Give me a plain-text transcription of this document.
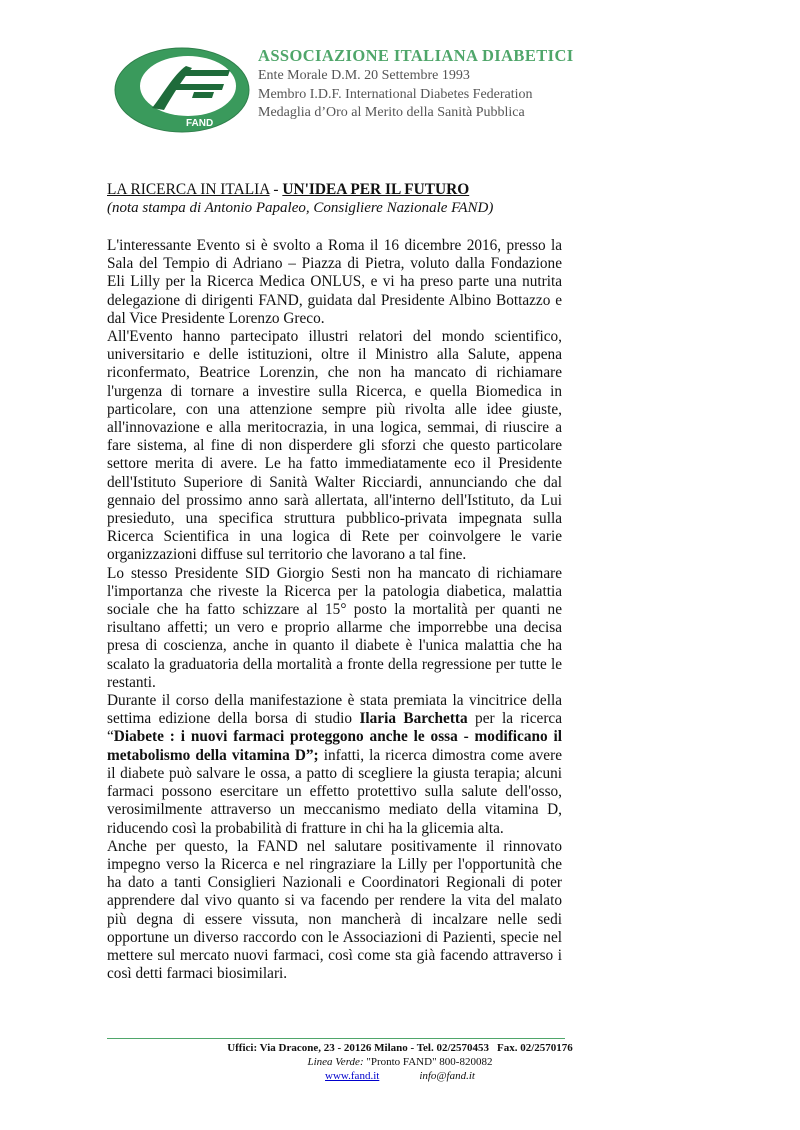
FAND

ASSOCIAZIONE ITALIANA DIABETICI

Ente Morale D.M. 20 Settembre 1993

Membro I.D.F. International Diabetes Federation

Medaglia d’Oro al Merito della Sanità Pubblica

LA RICERCA IN ITALIA - UN'IDEA PER IL FUTURO

(nota stampa di Antonio Papaleo, Consigliere Nazionale FAND)

L'interessante Evento si è svolto a Roma il 16 dicembre 2016, presso la Sala del Tempio di Adriano – Piazza di Pietra, voluto dalla Fondazione Eli Lilly per la Ricerca Medica ONLUS, e vi ha preso parte una nutrita delegazione di dirigenti FAND, guidata dal Presidente Albino Bottazzo e dal Vice Presidente Lorenzo Greco.

All'Evento hanno partecipato illustri relatori del mondo scientifico, universitario e delle istituzioni, oltre il Ministro alla Salute, appena riconfermato, Beatrice Lorenzin, che non ha mancato di richiamare l'urgenza di tornare a investire sulla Ricerca, e quella Biomedica in particolare, con una attenzione sempre più rivolta alle idee giuste, all'innovazione e alla meritocrazia, in una logica, semmai, di riuscire a fare sistema, al fine di non disperdere gli sforzi che questo particolare settore merita di avere. Le ha fatto immediatamente eco il Presidente dell'Istituto Superiore di Sanità Walter Ricciardi, annunciando che dal gennaio del prossimo anno sarà allertata, all'interno dell'Istituto, da Lui presieduto, una specifica struttura pubblico-privata impegnata sulla Ricerca Scientifica in una logica di Rete per coinvolgere le varie organizzazioni diffuse sul territorio che lavorano a tal fine.

Lo stesso Presidente SID Giorgio Sesti non ha mancato di richiamare l'importanza che riveste la Ricerca per la patologia diabetica, malattia sociale che ha fatto schizzare al 15° posto la mortalità per quanti ne risultano affetti; un vero e proprio allarme che imporrebbe una decisa presa di coscienza, anche in quanto il diabete è l'unica malattia che ha scalato la graduatoria della mortalità a fronte della regressione per tutte le restanti.

Durante il corso della manifestazione è stata premiata la vincitrice della settima edizione della borsa di studio Ilaria Barchetta per la ricerca “Diabete : i nuovi farmaci proteggono anche le ossa - modificano il metabolismo della vitamina D”; infatti, la ricerca dimostra come avere il diabete può salvare le ossa, a patto di scegliere la giusta terapia; alcuni farmaci possono esercitare un effetto protettivo sulla salute dell'osso, verosimilmente attraverso un meccanismo mediato della vitamina D, riducendo così la probabilità di fratture in chi ha la glicemia alta.

Anche per questo, la FAND nel salutare positivamente il rinnovato impegno verso la Ricerca e nel ringraziare la Lilly per l'opportunità che ha dato a tanti Consiglieri Nazionali e Coordinatori Regionali di poter apprendere dal vivo quanto si va facendo per rendere la vita del malato più degna di essere vissuta, non mancherà di incalzare nelle sedi opportune un diverso raccordo con le Associazioni di Pazienti, specie nel mettere sul mercato nuovi farmaci, così come sta già facendo attraverso i così detti farmaci biosimilari.

Uffici: Via Dracone, 23 - 20126 Milano - Tel. 02/2570453 Fax. 02/2570176

Linea Verde: "Pronto FAND" 800-820082

www.fand.it	info@fand.it
